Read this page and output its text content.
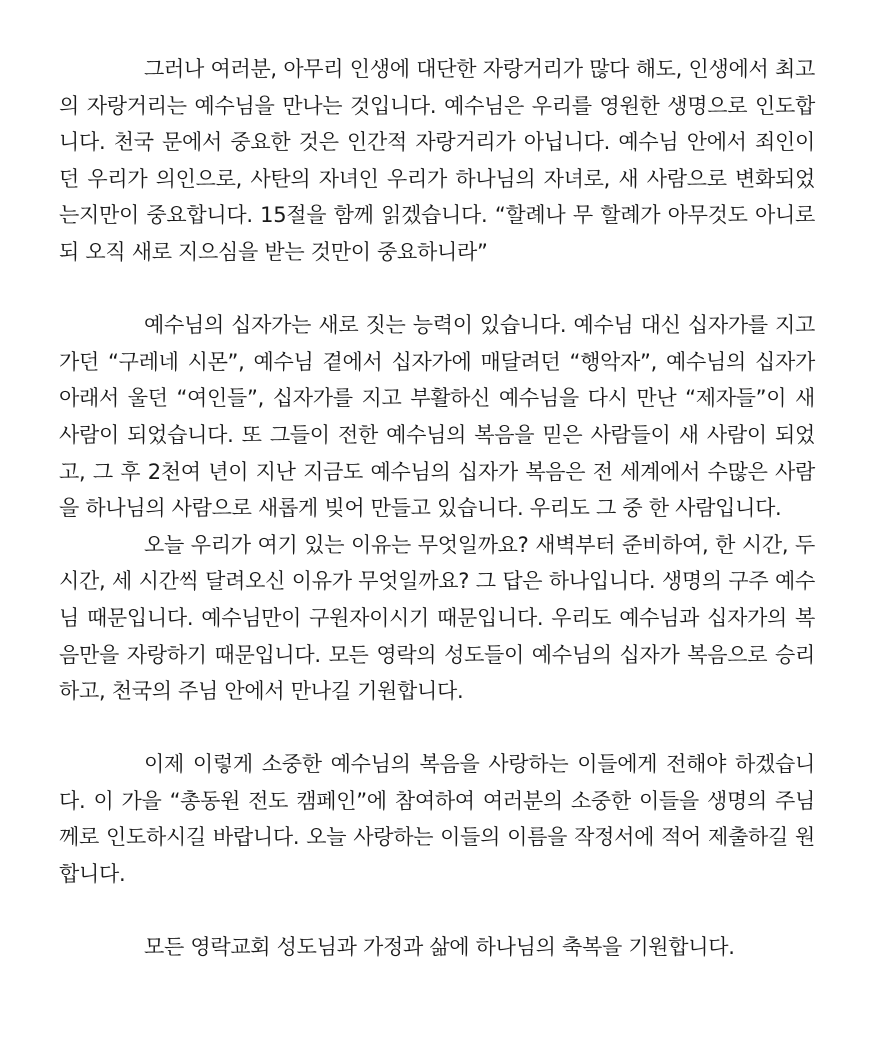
그러나 여러분, 아무리 인생에 대단한 자랑거리가 많다 해도, 인생에서 최고의 자랑거리는 예수님을 만나는 것입니다. 예수님은 우리를 영원한 생명으로 인도합니다. 천국 문에서 중요한 것은 인간적 자랑거리가 아닙니다. 예수님 안에서 죄인이던 우리가 의인으로, 사탄의 자녀인 우리가 하나님의 자녀로, 새 사람으로 변화되었는지만이 중요합니다. 15절을 함께 읽겠습니다. “할례나 무 할례가 아무것도 아니로되 오직 새로 지으심을 받는 것만이 중요하니라”

예수님의 십자가는 새로 짓는 능력이 있습니다. 예수님 대신 십자가를 지고 가던 “구레네 시몬”, 예수님 곁에서 십자가에 매달려던 “행악자”, 예수님의 십자가 아래서 울던 “여인들”, 십자가를 지고 부활하신 예수님을 다시 만난 “제자들”이 새 사람이 되었습니다. 또 그들이 전한 예수님의 복음을 믿은 사람들이 새 사람이 되었고, 그 후 2천여 년이 지난 지금도 예수님의 십자가 복음은 전 세계에서 수많은 사람을 하나님의 사람으로 새롭게 빚어 만들고 있습니다. 우리도 그 중 한 사람입니다.

오늘 우리가 여기 있는 이유는 무엇일까요? 새벽부터 준비하여, 한 시간, 두 시간, 세 시간씩 달려오신 이유가 무엇일까요? 그 답은 하나입니다. 생명의 구주 예수님 때문입니다. 예수님만이 구원자이시기 때문입니다. 우리도 예수님과 십자가의 복음만을 자랑하기 때문입니다. 모든 영락의 성도들이 예수님의 십자가 복음으로 승리하고, 천국의 주님 안에서 만나길 기원합니다.

이제 이렇게 소중한 예수님의 복음을 사랑하는 이들에게 전해야 하겠습니다. 이 가을 “총동원 전도 캠페인”에 참여하여 여러분의 소중한 이들을 생명의 주님께로 인도하시길 바랍니다. 오늘 사랑하는 이들의 이름을 작정서에 적어 제출하길 원합니다.

모든 영락교회 성도님과 가정과 삶에 하나님의 축복을 기원합니다.
